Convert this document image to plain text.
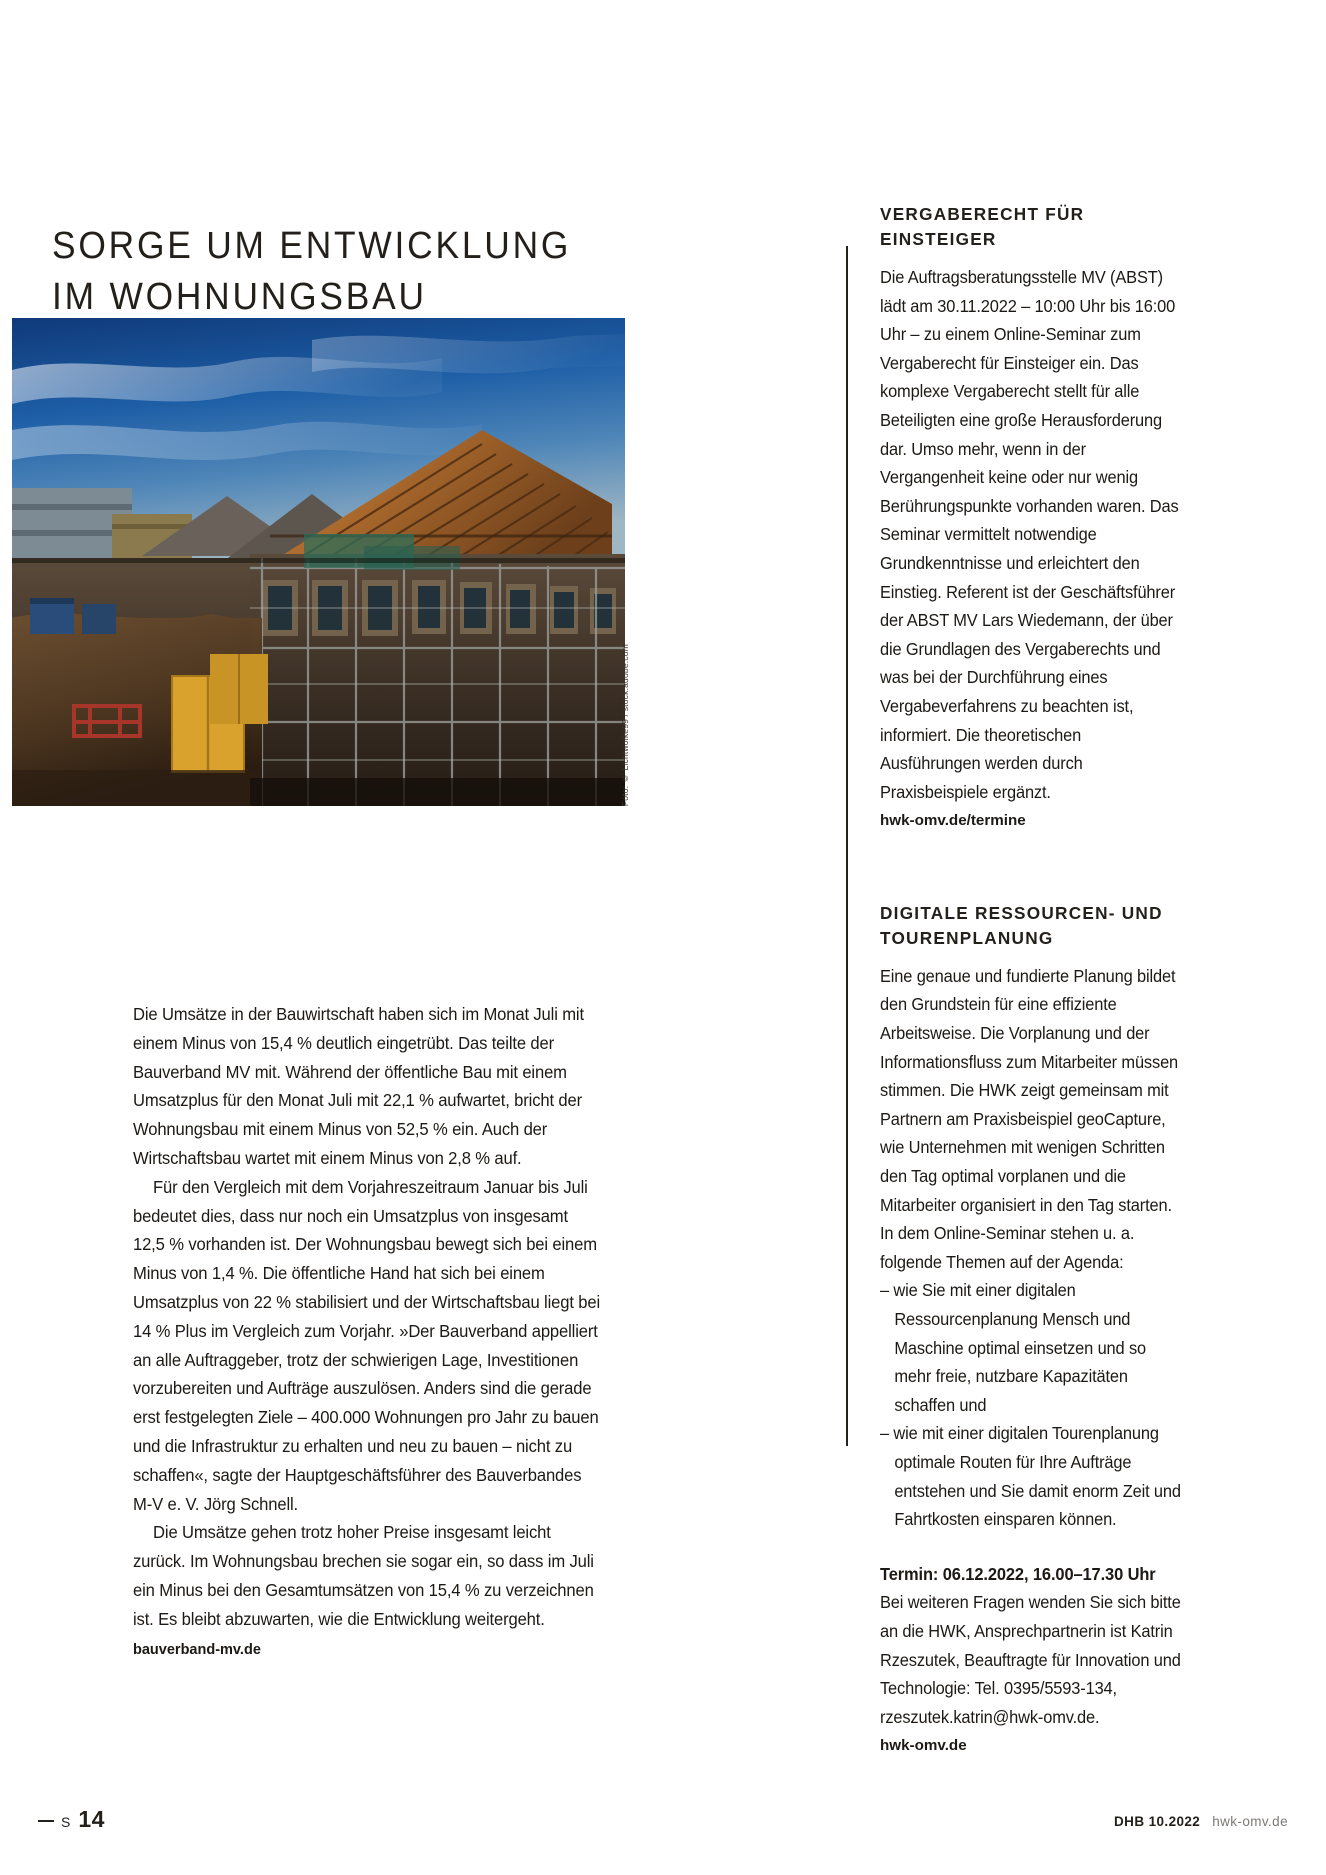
SORGE UM ENTWICKLUNG IM WOHNUNGSBAU
Foto: © Lichtwolke99 / stock.adobe.com

Die Umsätze in der Bauwirtschaft haben sich im Monat Juli mit einem Minus von 15,4 % deutlich eingetrübt. Das teilte der Bauverband MV mit. Während der öffentliche Bau mit einem Umsatzplus für den Monat Juli mit 22,1 % aufwartet, bricht der Wohnungsbau mit einem Minus von 52,5 % ein. Auch der Wirtschaftsbau wartet mit einem Minus von 2,8 % auf.

Für den Vergleich mit dem Vorjahreszeitraum Januar bis Juli bedeutet dies, dass nur noch ein Umsatzplus von insgesamt 12,5 % vorhanden ist. Der Wohnungsbau bewegt sich bei einem Minus von 1,4 %. Die öffentliche Hand hat sich bei einem Umsatzplus von 22 % stabilisiert und der Wirtschaftsbau liegt bei 14 % Plus im Vergleich zum Vorjahr. »Der Bauverband appelliert an alle Auftraggeber, trotz der schwierigen Lage, Investitionen vorzubereiten und Aufträge auszulösen. Anders sind die gerade erst festgelegten Ziele – 400.000 Wohnungen pro Jahr zu bauen und die Infrastruktur zu erhalten und neu zu bauen – nicht zu schaffen«, sagte der Hauptgeschäftsführer des Bauverbandes M-V e. V. Jörg Schnell.

Die Umsätze gehen trotz hoher Preise insgesamt leicht zurück. Im Wohnungsbau brechen sie sogar ein, so dass im Juli ein Minus bei den Gesamtumsätzen von 15,4 % zu verzeichnen ist. Es bleibt abzuwarten, wie die Entwicklung weitergeht.

bauverband-mv.de

VERGABERECHT FÜR EINSTEIGER

Die Auftragsberatungsstelle MV (ABST) lädt am 30.11.2022 – 10:00 Uhr bis 16:00 Uhr – zu einem Online-Seminar zum Vergaberecht für Einsteiger ein. Das komplexe Vergaberecht stellt für alle Beteiligten eine große Herausforderung dar. Umso mehr, wenn in der Vergangenheit keine oder nur wenig Berührungspunkte vorhanden waren. Das Seminar vermittelt notwendige Grundkenntnisse und erleichtert den Einstieg. Referent ist der Geschäftsführer der ABST MV Lars Wiedemann, der über die Grundlagen des Vergaberechts und was bei der Durchführung eines Vergabeverfahrens zu beachten ist, informiert. Die theoretischen Ausführungen werden durch Praxisbeispiele ergänzt.

hwk-omv.de/termine
DIGITALE RESSOURCEN- UND TOURENPLANUNG

Eine genaue und fundierte Planung bildet den Grundstein für eine effiziente Arbeitsweise. Die Vorplanung und der Informationsfluss zum Mitarbeiter müssen stimmen. Die HWK zeigt gemeinsam mit Partnern am Praxisbeispiel geoCapture, wie Unternehmen mit wenigen Schritten den Tag optimal vorplanen und die Mitarbeiter organisiert in den Tag starten. In dem Online-Seminar stehen u. a. folgende Themen auf der Agenda:

– wie Sie mit einer digitalen Ressourcenplanung Mensch und Maschine optimal einsetzen und so mehr freie, nutzbare Kapazitäten schaffen und
– wie mit einer digitalen Tourenplanung optimale Routen für Ihre Aufträge entstehen und Sie damit enorm Zeit und Fahrtkosten einsparen können.

Termin: 06.12.2022, 16.00–17.30 Uhr
Bei weiteren Fragen wenden Sie sich bitte an die HWK, Ansprechpartnerin ist Katrin Rzeszutek, Beauftragte für Innovation und Technologie: Tel. 0395/5593-134, rzeszutek.katrin@hwk-omv.de.

hwk-omv.de
S 14	DHB 10.2022 hwk-omv.de
